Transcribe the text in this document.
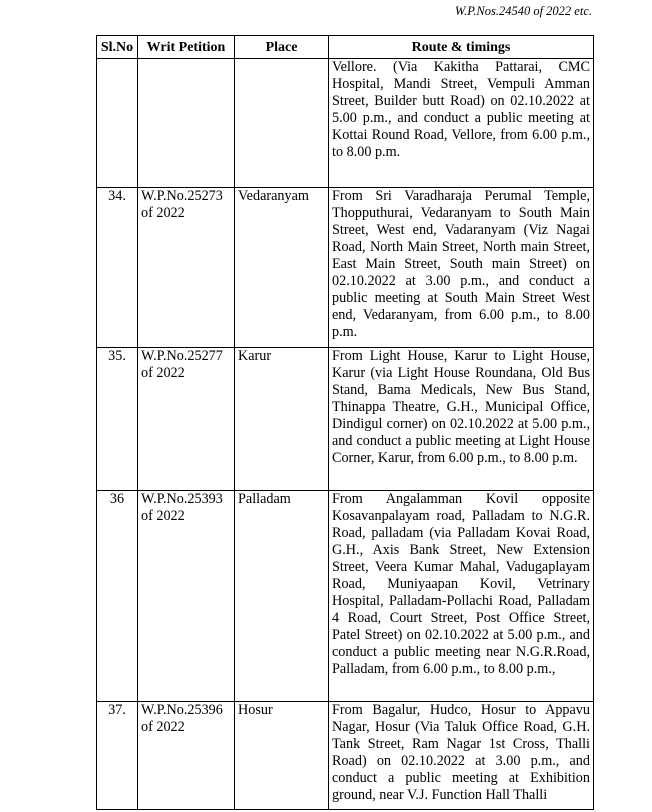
W.P.Nos.24540 of 2022 etc.
Sl.No	Writ Petition	Place	Route & timings
			Vellore. (Via Kakitha Pattarai, CMC Hospital, Mandi Street, Vempuli Amman Street, Builder butt Road) on 02.10.2022 at 5.00 p.m., and conduct a public meeting at Kottai Round Road, Vellore, from 6.00 p.m., to 8.00 p.m.
34.	W.P.No.25273 of 2022	Vedaranyam	From Sri Varadharaja Perumal Temple, Thopputhurai, Vedaranyam to South Main Street, West end, Vadaranyam (Viz Nagai Road, North Main Street, North main Street, East Main Street, South main Street) on 02.10.2022 at 3.00 p.m., and conduct a public meeting at South Main Street West end, Vedaranyam, from 6.00 p.m., to 8.00 p.m.
35.	W.P.No.25277 of 2022	Karur	From Light House, Karur to Light House, Karur (via Light House Roundana, Old Bus Stand, Bama Medicals, New Bus Stand, Thinappa Theatre, G.H., Municipal Office, Dindigul corner) on 02.10.2022 at 5.00 p.m., and conduct a public meeting at Light House Corner, Karur, from 6.00 p.m., to 8.00 p.m.
36	W.P.No.25393 of 2022	Palladam	From Angalamman Kovil opposite Kosavanpalayam road, Palladam to N.G.R. Road, palladam (via Palladam Kovai Road, G.H., Axis Bank Street, New Extension Street, Veera Kumar Mahal, Vadugaplayam Road, Muniyaapan Kovil, Vetrinary Hospital, Palladam-Pollachi Road, Palladam 4 Road, Court Street, Post Office Street, Patel Street) on 02.10.2022 at 5.00 p.m., and conduct a public meeting near N.G.R.Road, Palladam, from 6.00 p.m., to 8.00 p.m.,
37.	W.P.No.25396 of 2022	Hosur	From Bagalur, Hudco, Hosur to Appavu Nagar, Hosur (Via Taluk Office Road, G.H. Tank Street, Ram Nagar 1st Cross, Thalli Road) on 02.10.2022 at 3.00 p.m., and conduct a public meeting at Exhibition ground, near V.J. Function Hall Thalli
